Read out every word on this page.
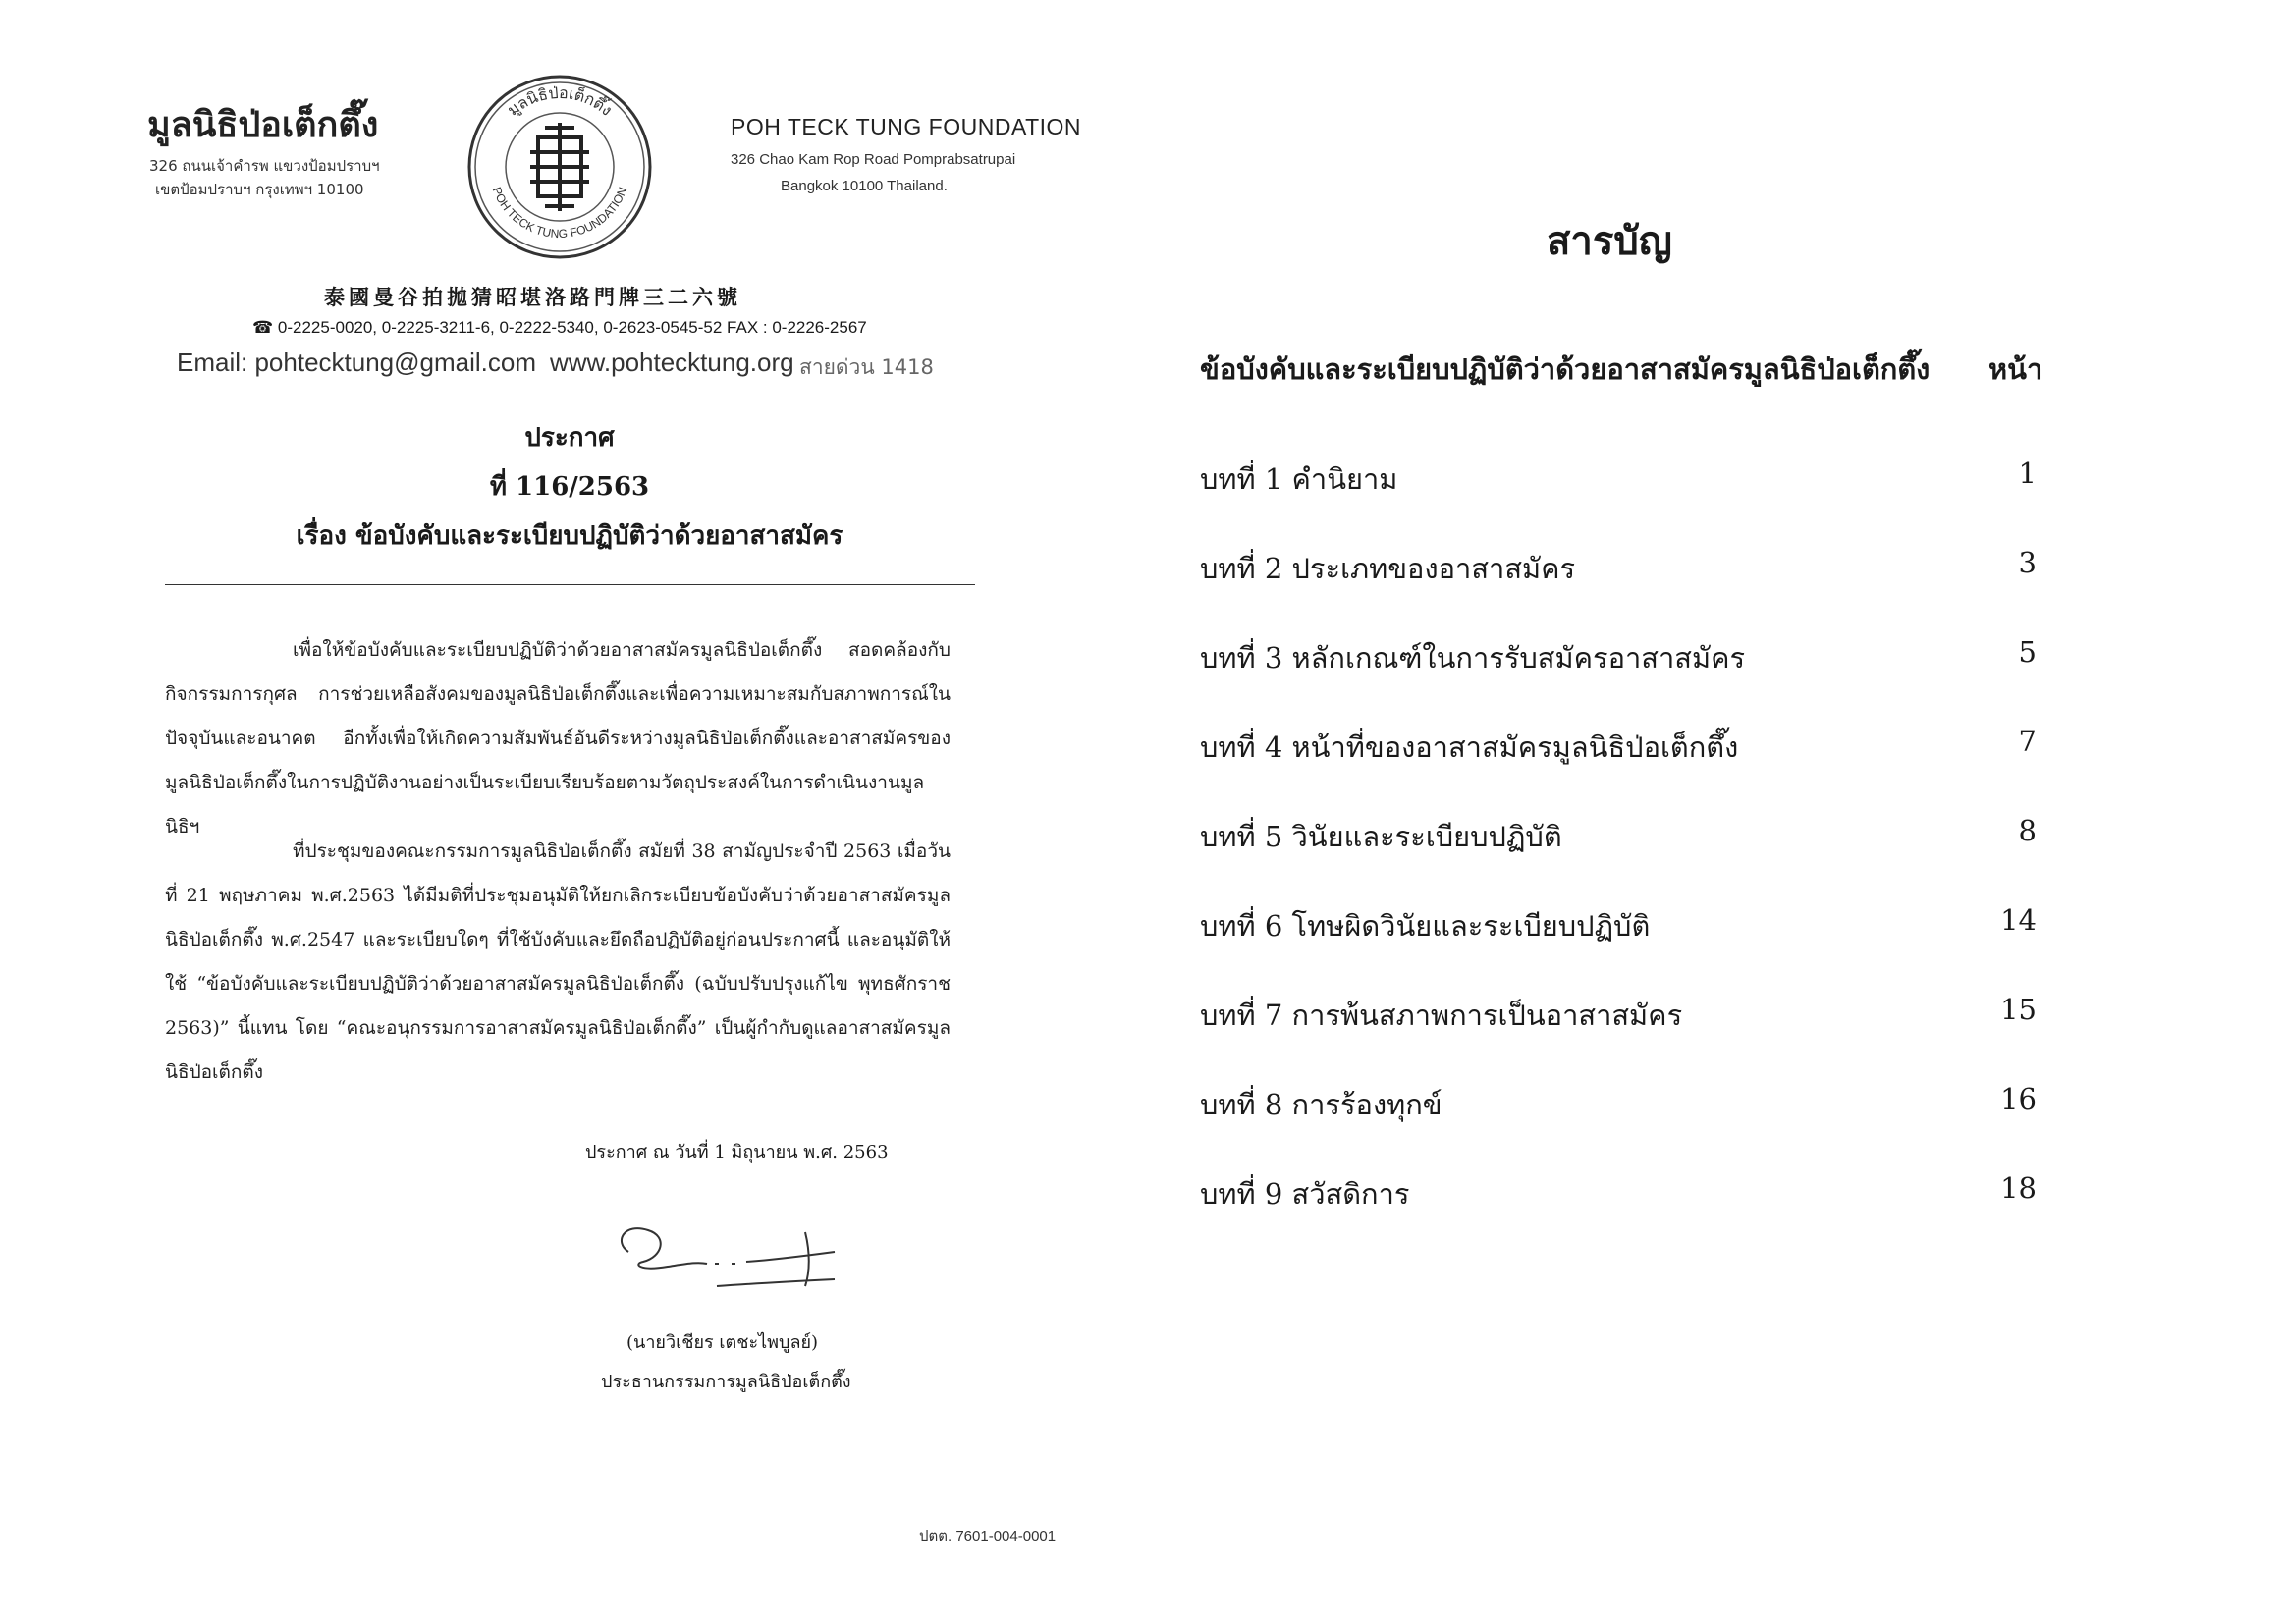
มูลนิธิป่อเต็กตึ๊ง
326 ถนนเจ้าคำรพ แขวงป้อมปราบฯ
เขตป้อมปราบฯ กรุงเทพฯ 10100
มูลนิธิป่อเต็กตึ๊ง
POH TECK TUNG FOUNDATION
POH TECK TUNG FOUNDATION
326 Chao Kam Rop Road Pomprabsatrupai
Bangkok 10100 Thailand.
泰國曼谷拍拋猜昭堪洛路門牌三二六號
☎ 0-2225-0020, 0-2225-3211-6, 0-2222-5340, 0-2623-0545-52 FAX : 0-2226-2567
Email: pohtecktung@gmail.com www.pohtecktung.org สายด่วน 1418
ประกาศ
ที่ 116/2563
เรื่อง ข้อบังคับและระเบียบปฏิบัติว่าด้วยอาสาสมัคร

เพื่อให้ข้อบังคับและระเบียบปฏิบัติว่าด้วยอาสาสมัครมูลนิธิป่อเต็กตึ๊ง สอดคล้องกับกิจกรรมการกุศล การช่วยเหลือสังคมของมูลนิธิป่อเต็กตึ๊งและเพื่อความเหมาะสมกับสภาพการณ์ในปัจจุบันและอนาคต อีกทั้งเพื่อให้เกิดความสัมพันธ์อันดีระหว่างมูลนิธิป่อเต็กตึ๊งและอาสาสมัครของมูลนิธิป่อเต็กตึ๊งในการปฏิบัติงานอย่างเป็นระเบียบเรียบร้อยตามวัตถุประสงค์ในการดำเนินงานมูลนิธิฯ

ที่ประชุมของคณะกรรมการมูลนิธิป่อเต็กตึ๊ง สมัยที่ 38 สามัญประจำปี 2563 เมื่อวันที่ 21 พฤษภาคม พ.ศ.2563 ได้มีมติที่ประชุมอนุมัติให้ยกเลิกระเบียบข้อบังคับว่าด้วยอาสาสมัครมูลนิธิป่อเต็กตึ๊ง พ.ศ.2547 และระเบียบใดๆ ที่ใช้บังคับและยึดถือปฏิบัติอยู่ก่อนประกาศนี้ และอนุมัติให้ใช้ “ข้อบังคับและระเบียบปฏิบัติว่าด้วยอาสาสมัครมูลนิธิป่อเต็กตึ๊ง (ฉบับปรับปรุงแก้ไข พุทธศักราช 2563)” นี้แทน โดย “คณะอนุกรรมการอาสาสมัครมูลนิธิป่อเต็กตึ๊ง” เป็นผู้กำกับดูแลอาสาสมัครมูลนิธิป่อเต็กตึ๊ง

ประกาศ ณ วันที่ 1 มิถุนายน พ.ศ. 2563
(นายวิเชียร เตชะไพบูลย์)
ประธานกรรมการมูลนิธิป่อเต็กตึ๊ง
ปตต. 7601-004-0001
สารบัญ
ข้อบังคับและระเบียบปฏิบัติว่าด้วยอาสาสมัครมูลนิธิป่อเต็กตึ๊ง หน้า
บทที่ 1 คำนิยาม	1
บทที่ 2 ประเภทของอาสาสมัคร	3
บทที่ 3 หลักเกณฑ์ในการรับสมัครอาสาสมัคร	5
บทที่ 4 หน้าที่ของอาสาสมัครมูลนิธิป่อเต็กตึ๊ง	7
บทที่ 5 วินัยและระเบียบปฏิบัติ	8
บทที่ 6 โทษผิดวินัยและระเบียบปฏิบัติ	14
บทที่ 7 การพ้นสภาพการเป็นอาสาสมัคร	15
บทที่ 8 การร้องทุกข์	16
บทที่ 9 สวัสดิการ	18
